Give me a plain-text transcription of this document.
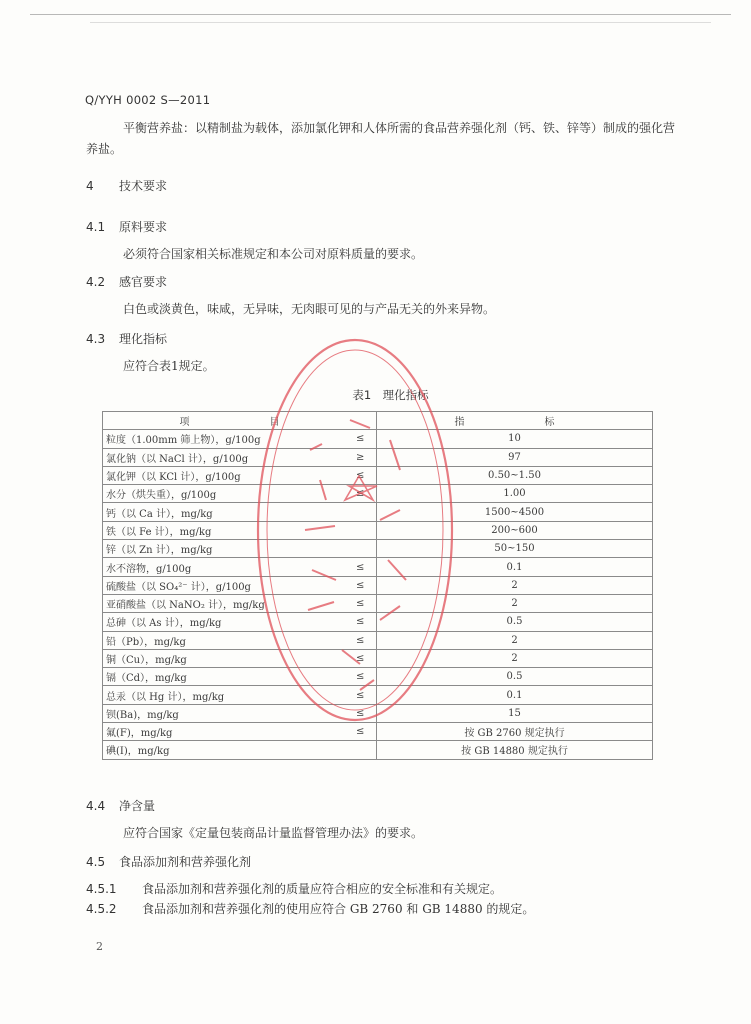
Q/YYH 0002 S—2011
平衡营养盐：以精制盐为载体，添加氯化钾和人体所需的食品营养强化剂（钙、铁、锌等）制成的强化营养盐。
4 技术要求
4.1 原料要求
必须符合国家相关标准规定和本公司对原料质量的要求。
4.2 感官要求
白色或淡黄色，味咸，无异味，无肉眼可见的与产品无关的外来异物。
4.3 理化指标
应符合表1规定。
表1　理化指标
项　　目		指　　标
粒度（1.00mm 筛上物），g/100g	≤	10
氯化钠（以 NaCl 计），g/100g	≥	97
氯化钾（以 KCl 计），g/100g	≤	0.50~1.50
水分（烘失重），g/100g	≤	1.00
钙（以 Ca 计），mg/kg		1500~4500
铁（以 Fe 计），mg/kg		200~600
锌（以 Zn 计），mg/kg		50~150
水不溶物，g/100g	≤	0.1
硫酸盐（以 SO₄²⁻ 计），g/100g	≤	2
亚硝酸盐（以 NaNO₂ 计），mg/kg	≤	2
总砷（以 As 计），mg/kg	≤	0.5
铅（Pb），mg/kg	≤	2
铜（Cu），mg/kg	≤	2
镉（Cd），mg/kg	≤	0.5
总汞（以 Hg 计），mg/kg	≤	0.1
钡(Ba)，mg/kg	≤	15
氟(F)，mg/kg	≤	按 GB 2760 规定执行
碘(I)，mg/kg		按 GB 14880 规定执行
4.4 净含量
应符合国家《定量包装商品计量监督管理办法》的要求。
4.5 食品添加剂和营养强化剂
4.5.1 食品添加剂和营养强化剂的质量应符合相应的安全标准和有关规定。
4.5.2 食品添加剂和营养强化剂的使用应符合 GB 2760 和 GB 14880 的规定。
2
